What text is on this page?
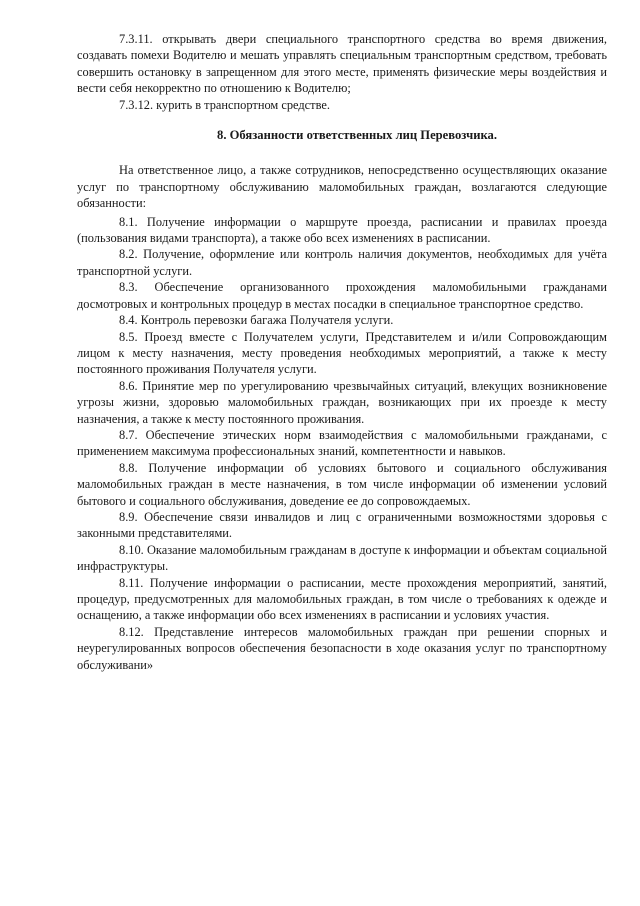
7.3.11. открывать двери специального транспортного средства во время движения, создавать помехи Водителю и мешать управлять специальным транспортным средством, требовать совершить остановку в запрещенном для этого месте, применять физические меры воздействия и вести себя некорректно по отношению к Водителю;

7.3.12. курить в транспортном средстве.

8. Обязанности ответственных лиц Перевозчика.

На ответственное лицо, а также сотрудников, непосредственно осуществляющих оказание услуг по транспортному обслуживанию маломобильных граждан, возлагаются следующие обязанности:

8.1. Получение информации о маршруте проезда, расписании и правилах проезда (пользования видами транспорта), а также обо всех изменениях в расписании.

8.2. Получение, оформление или контроль наличия документов, необходимых для учёта транспортной услуги.

8.3. Обеспечение организованного прохождения маломобильными гражданами досмотровых и контрольных процедур в местах посадки в специальное транспортное средство.

8.4. Контроль перевозки багажа Получателя услуги.

8.5. Проезд вместе с Получателем услуги, Представителем и и/или Сопровождающим лицом к месту назначения, месту проведения необходимых мероприятий, а также к месту постоянного проживания Получателя услуги.

8.6. Принятие мер по урегулированию чрезвычайных ситуаций, влекущих возникновение угрозы жизни, здоровью маломобильных граждан, возникающих при их проезде к месту назначения, а также к месту постоянного проживания.

8.7. Обеспечение этических норм взаимодействия с маломобильными гражданами, с применением максимума профессиональных знаний, компетентности и навыков.

8.8. Получение информации об условиях бытового и социального обслуживания маломобильных граждан в месте назначения, в том числе информации об изменении условий бытового и социального обслуживания, доведение ее до сопровождаемых.

8.9. Обеспечение связи инвалидов и лиц с ограниченными возможностями здоровья с законными представителями.

8.10. Оказание маломобильным гражданам в доступе к информации и объектам социальной инфраструктуры.

8.11. Получение информации о расписании, месте прохождения мероприятий, занятий, процедур, предусмотренных для маломобильных граждан, в том числе о требованиях к одежде и оснащению, а также информации обо всех изменениях в расписании и условиях участия.

8.12. Представление интересов маломобильных граждан при решении спорных и неурегулированных вопросов обеспечения безопасности в ходе оказания услуг по транспортному обслуживани»
